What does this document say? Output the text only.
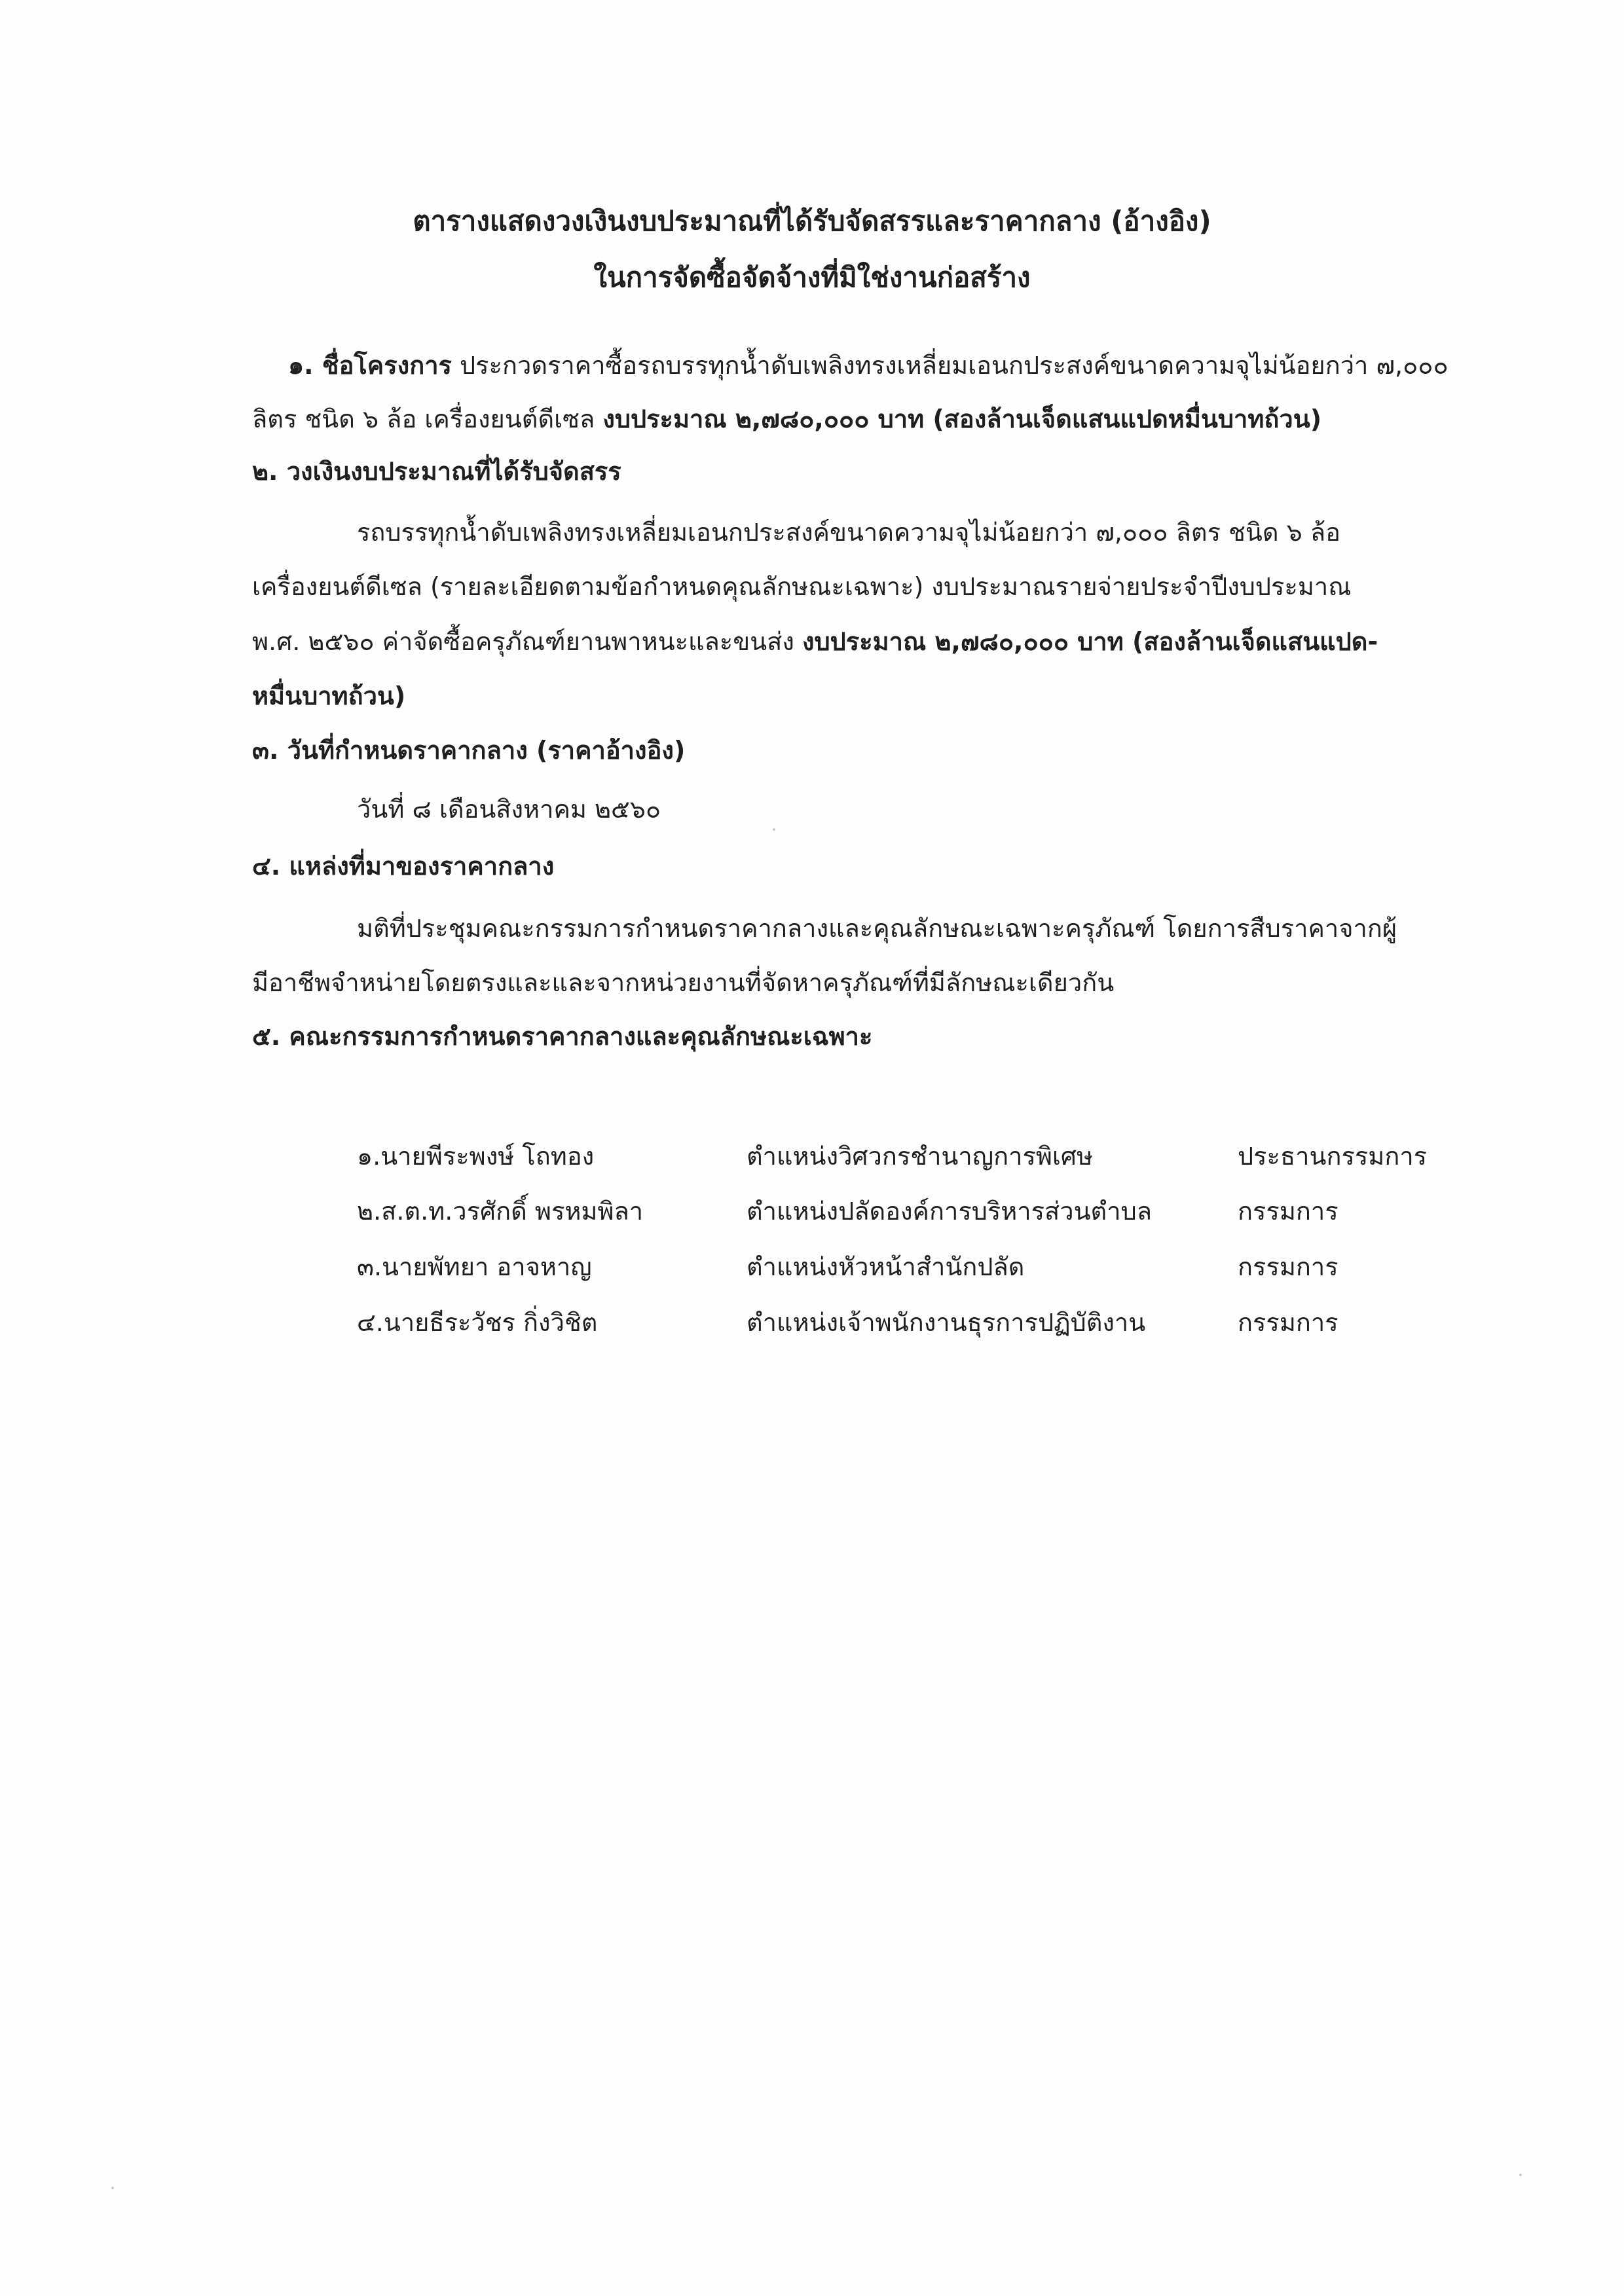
ตารางแสดงวงเงินงบประมาณที่ได้รับจัดสรรและราคากลาง (อ้างอิง)
ในการจัดซื้อจัดจ้างที่มิใช่งานก่อสร้าง
๑. ชื่อโครงการ ประกวดราคาซื้อรถบรรทุกน้ำดับเพลิงทรงเหลี่ยมเอนกประสงค์ขนาดความจุไม่น้อยกว่า ๗,๐๐๐
ลิตร ชนิด ๖ ล้อ เครื่องยนต์ดีเซล งบประมาณ ๒,๗๘๐,๐๐๐ บาท (สองล้านเจ็ดแสนแปดหมื่นบาทถ้วน)
๒. วงเงินงบประมาณที่ได้รับจัดสรร
รถบรรทุกน้ำดับเพลิงทรงเหลี่ยมเอนกประสงค์ขนาดความจุไม่น้อยกว่า ๗,๐๐๐ ลิตร ชนิด ๖ ล้อ
เครื่องยนต์ดีเซล (รายละเอียดตามข้อกำหนดคุณลักษณะเฉพาะ) งบประมาณรายจ่ายประจำปีงบประมาณ
พ.ศ. ๒๕๖๐ ค่าจัดซื้อครุภัณฑ์ยานพาหนะและขนส่ง งบประมาณ ๒,๗๘๐,๐๐๐ บาท (สองล้านเจ็ดแสนแปด-
หมื่นบาทถ้วน)
๓. วันที่กำหนดราคากลาง (ราคาอ้างอิง)
วันที่ ๘ เดือนสิงหาคม ๒๕๖๐
๔. แหล่งที่มาของราคากลาง
มติที่ประชุมคณะกรรมการกำหนดราคากลางและคุณลักษณะเฉพาะครุภัณฑ์ โดยการสืบราคาจากผู้
มีอาชีพจำหน่ายโดยตรงและและจากหน่วยงานที่จัดหาครุภัณฑ์ที่มีลักษณะเดียวกัน
๕. คณะกรรมการกำหนดราคากลางและคุณลักษณะเฉพาะ
๑.นายพีระพงษ์ โถทอง	ตำแหน่งวิศวกรชำนาญการพิเศษ	ประธานกรรมการ
๒.ส.ต.ท.วรศักดิ์ พรหมพิลา	ตำแหน่งปลัดองค์การบริหารส่วนตำบล	กรรมการ
๓.นายพัทยา อาจหาญ	ตำแหน่งหัวหน้าสำนักปลัด	กรรมการ
๔.นายธีระวัชร กิ่งวิชิต	ตำแหน่งเจ้าพนักงานธุรการปฏิบัติงาน	กรรมการ
